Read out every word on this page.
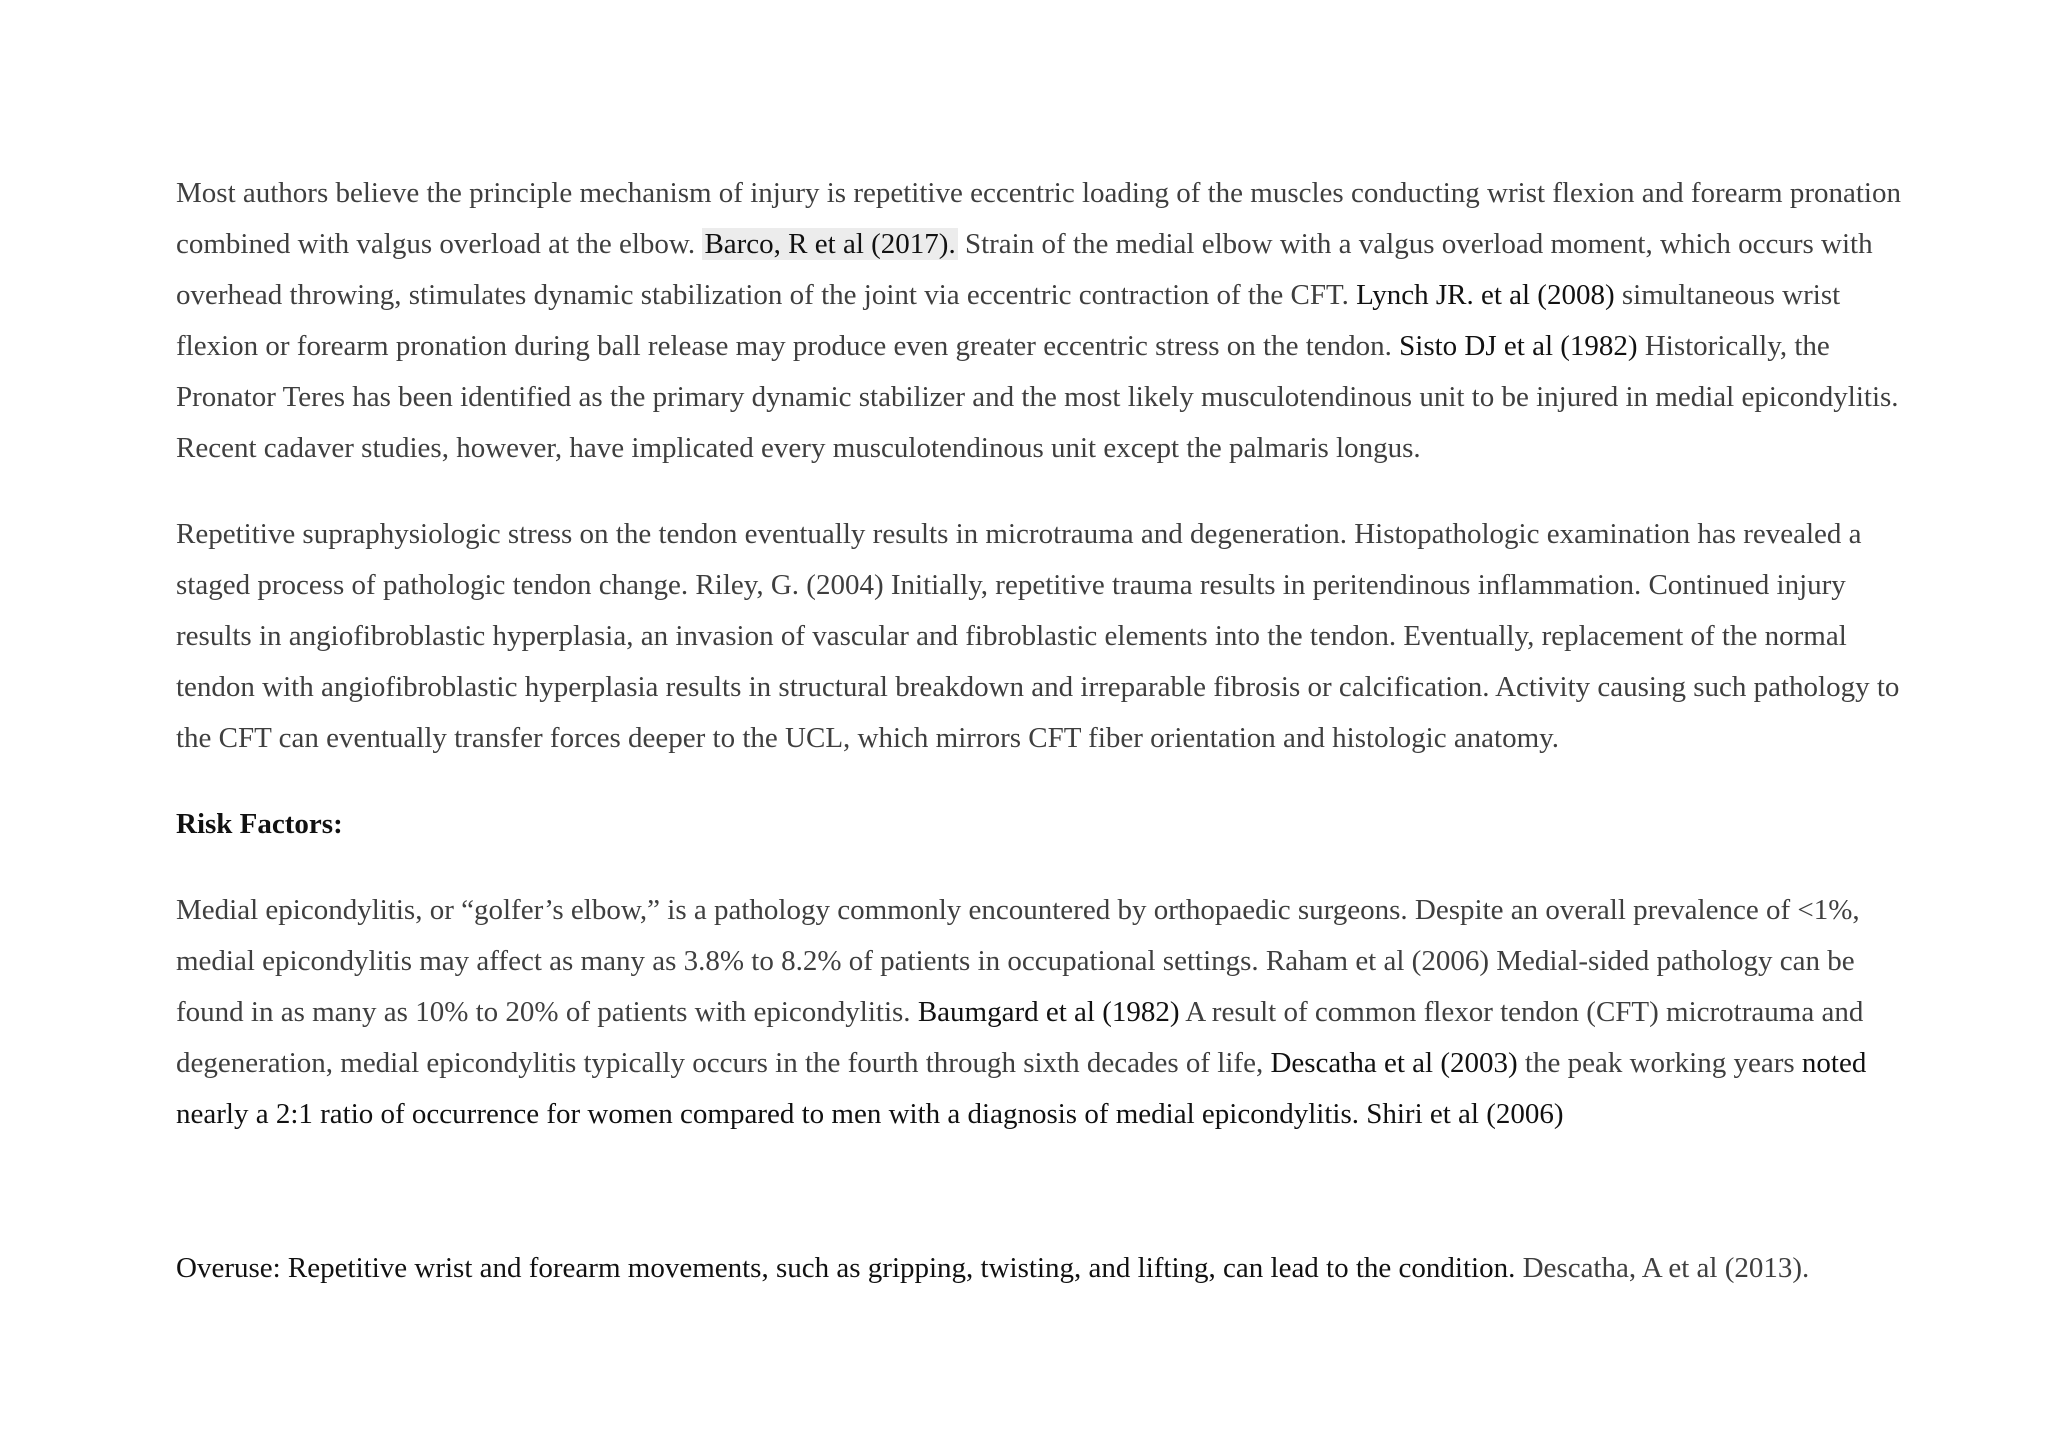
Most authors believe the principle mechanism of injury is repetitive eccentric loading of the muscles conducting wrist flexion and forearm pronation combined with valgus overload at the elbow. Barco, R et al (2017). Strain of the medial elbow with a valgus overload moment, which occurs with overhead throwing, stimulates dynamic stabilization of the joint via eccentric contraction of the CFT. Lynch JR. et al (2008) simultaneous wrist flexion or forearm pronation during ball release may produce even greater eccentric stress on the tendon. Sisto DJ et al (1982) Historically, the Pronator Teres has been identified as the primary dynamic stabilizer and the most likely musculotendinous unit to be injured in medial epicondylitis. Recent cadaver studies, however, have implicated every musculotendinous unit except the palmaris longus.

Repetitive supraphysiologic stress on the tendon eventually results in microtrauma and degeneration. Histopathologic examination has revealed a staged process of pathologic tendon change. Riley, G. (2004) Initially, repetitive trauma results in peritendinous inflammation. Continued injury results in angiofibroblastic hyperplasia, an invasion of vascular and fibroblastic elements into the tendon. Eventually, replacement of the normal tendon with angiofibroblastic hyperplasia results in structural breakdown and irreparable fibrosis or calcification. Activity causing such pathology to the CFT can eventually transfer forces deeper to the UCL, which mirrors CFT fiber orientation and histologic anatomy.

Risk Factors:

Medial epicondylitis, or “golfer’s elbow,” is a pathology commonly encountered by orthopaedic surgeons. Despite an overall prevalence of <1%, medial epicondylitis may affect as many as 3.8% to 8.2% of patients in occupational settings. Raham et al (2006) Medial-sided pathology can be found in as many as 10% to 20% of patients with epicondylitis. Baumgard et al (1982) A result of common flexor tendon (CFT) microtrauma and degeneration, medial epicondylitis typically occurs in the fourth through sixth decades of life, Descatha et al (2003) the peak working years noted nearly a 2:1 ratio of occurrence for women compared to men with a diagnosis of medial epicondylitis. Shiri et al (2006)

Overuse: Repetitive wrist and forearm movements, such as gripping, twisting, and lifting, can lead to the condition. Descatha, A et al (2013).
